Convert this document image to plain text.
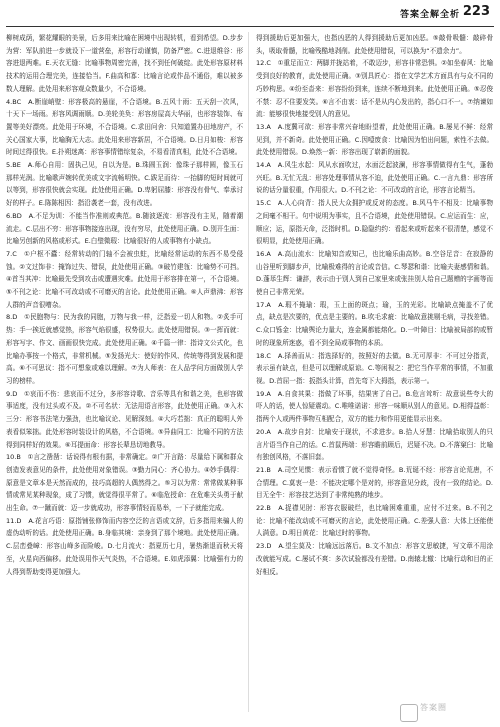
答案全解全析 223

柳树成荫，繁花耀眼的美景，后多用来比喻在困境中出现转机，看到希望。D.步步为营：军队前进一步就设下一道营垒，形容行动谨慎，防备严密。C.进退维谷：形容进退两难。E.天衣无缝：比喻事物周密完善，找不到任何破绽。此处形容原材料技术的运用合理完美，连接恰当。F.曲高和寡：比喻言论或作品不通俗，难以被多数人理解。此处用来形容观众数量少，不合语境。

4.BC　A.断崖峭壁：形容极高的悬崖，不合语境。B.五风十雨：五天刮一次风，十天下一场雨。形容风调雨顺。D.美轮美奂：形容房屋高大华丽，也形容装饰、布置等美好漂亮。此处用于环境，不合语境。C.求田问舍：只知道置办田地房产，不关心国家大事，比喻胸无大志。此处用来形容新居，不合语境。D.日月如梭：形容时间过得很快。E.扑朔迷离：形容事情错综复杂，不易看清真相，此处不合语境。

5.BE　A.师心自用：固执己见，自以为是。B.珠圆玉润：像珠子那样圆，像玉石那样光润。比喻歌声婉转优美或文字流畅明快。C.跋足而待：一抬脚的短时间就可以等到，形容很快就会实现。此处使用正确。D.卑躬屈膝：形容没有骨气、奉承讨好的样子。E.陈陈相因：指沿袭老一套，没有改进。

6.BD　A.不足为训：不能当作准则或典范。B.随波逐流：形容没有主见，随着潮流走。C.层出不穷：形容事物接连出现，没有穷尽，此处使用正确。D.别开生面：比喻另创新的风格或形式。E.白璧微瑕：比喻很好的人或事物有小缺点。

7.C　①户枢不蠹：经常转动的门轴不会被虫蛀，比喻经常运动的东西不易受侵蚀。②文过饰非：掩饰过失、错误，此处使用正确。③破竹建瓴：比喻势不可挡。④首当其冲：比喻最先受到攻击或遭遇灾难。此处用于形容排在第一，不合语境。⑤不刊之论：比喻不可改动或不可磨灭的言论。此处使用正确。⑥人声鼎沸：形容人群的声音很嘈杂。

8.D　①民胞物与：民为我的同胞，万物与我一样，泛指爱一切人和物。②炙手可热：手一挨近就感觉热，形容气焰很盛，权势很大。此处使用错误。③一挥而就：形容写字、作文、画画很快完成。此处使用正确。④千篇一律：指诗文公式化，也比喻办事按一个格式，非常机械。⑤发扬光大：使好的作风、传统等得到发展和提高。⑥不可思议：指不可想象或难以理解。⑦为人师表：在人品学问方面做别人学习的榜样。

9.D　①哀而不伤：悲哀而不过分，多形容诗歌、音乐等具有和谐之美，也形容做事适度，没有过头或不及。②不可名状：无法用语言形容，此处使用正确。③入木三分：形容书法笔力强劲，也比喻议论、见解深刻。④大巧若拙：真正的聪明人外表看似笨拙。此处形容时装设计的风格，不合语境。⑤异曲同工：比喻不同的方法得到同样好的效果。⑥耳提面命：形容长辈恳切地教导。

10.B　①言之凿凿：话说得有根有据，非常确定。②广开言路：尽量给下属和群众创造发表意见的条件，此处使用对象错误。③勤力同心：齐心协力。④妙手偶得：原意是文章本是天然而成的，技巧高超的人偶然得之。⑤习以为常：常常做某种事情或常见某种现象，成了习惯，就觉得很平常了。⑥临危授命：在危难关头勇于献出生命。⑦一蹴而就：迈一步就成功，形容事情轻而易举，一下子就能完成。

11.D　A.花言巧语：原指铺张修饰而内容空泛的言语或文辞，后多指用来骗人的虚伪动听的话。此处使用正确。B.身临其境：亲身到了那个境地。此处使用正确。C.层峦叠嶂：形容山峰多而险峻。D.七月流火：指夏历七月，暑热渐退而秋天将至，火星向西偏移。此处误用作天气炎热，不合语境。E.如虎添翼：比喻强有力的人得到帮助变得更加强大。

得到援助后更加强大，也指凶恶的人得到援助后更加凶恶。⑤敲骨吸髓：敲碎骨头，吸取骨髓，比喻残酷地剥削。此处使用错误，可以换为“不遗余力”。

12.C　①重足而立：两脚并拢站着，不敢迈步，形容非常恐惧。②如坐春风：比喻受到良好的教育，此处使用正确。③别具匠心：指在文学艺术方面具有与众不同的巧妙构思。④纷至沓来：形容纷纷到来，连续不断地到来。此处使用正确。⑤忍俊不禁：忍不住要发笑。⑥言不由衷：话不是从内心发出的，指心口不一。⑦纳谏如流：能够很快地接受别人的意见。

13.A　A.度冀可欲：形容非常兴奋地盼望着，此处使用正确。B.屡见不鲜：经常见到，并不新奇。此处使用正确。C.因噎废食：比喻因为怕出问题，索性不去做。此处使用错误。D.焕然一新：形容出现了崭新的面貌。

14.A　A.风生水起：风从水面吹过，水面泛起波澜，形容事情做得有生气，蓬勃兴旺。B.无忙无乱：形容处理事情从容不迫，此处使用正确。C.一言九鼎：形容所说的话分量很重，作用很大。D.不刊之论：不可改动的言论，形容言论精当。

15.C　A.人心向背：指人民大众拥护或反对的态度。B.风马牛不相及：比喻事物之间毫不相干。句中说明为事实，且不合语境，此处使用错误。C.应运而生：应，顺应；运，原指天命，泛指时机。D.隐隐约约：看起来或听起来不很清楚，感觉不很明显，此处使用正确。

16.A　A.高山流水：比喻知音或知己，也比喻乐曲高妙。B.空谷足音：在寂静的山谷里听到脚步声，比喻极难得的言论或音信。C.琴瑟和谐：比喻夫妻感情和谐。D.蓬荜生辉：谦辞，表示由于别人到自己家里来或张挂别人给自己题赠的字画等而使自己非常光荣。

17.A　A.瑕不掩瑜：瑕，玉上面的斑点；瑜，玉的光彩。比喻缺点掩盖不了优点，缺点是次要的，优点是主要的。B.吹毛求疵：比喻故意挑剔毛病，寻找差错。C.众口铄金：比喻舆论力量大，连金属都能熔化。D.一叶障目：比喻被局部的或暂时的现象所迷惑，看不到全局或事物的本质。

18.C　A.择善而从：指选择好的，按照好的去做。B.无可厚非：不可过分指责，表示虽有缺点，但是可以理解或原谅。C.等闲视之：把它当作平常的事情，不加重视。D.首屈一指：扳指头计算，首先弯下大拇指，表示第一。

19.A　A.自食其果：指做了坏事，结果害了自己。B.危言耸听：故意说些夸大的吓人的话，使人惊疑震动。C.唯唯诺诺：形容一味顺从别人的意见。D.相得益彰：指两个人或两件事物互相配合，双方的能力和作用更能显示出来。

20.A　A.故步自封：比喻安于现状，不求进步。B.拾人牙慧：比喻拾取别人的只言片语当作自己的话。C.首鼠两端：形容瞻前顾后，迟疑不决。D.不落窠臼：比喻有独创风格，不落旧套。

21.B　A.司空见惯：表示看惯了就不觉得奇怪。B.荒诞不经：形容言论荒唐，不合情理。C.莫衷一是：不能决定哪个是对的，形容意见分歧，没有一致的结论。D.目无全牛：形容技艺达到了非常纯熟的地步。

22.B　A.捉襟见肘：形容衣服破烂，也比喻困难重重，应付不过来。B.不刊之论：比喻不能改动或不可磨灭的言论，此处使用正确。C.差强人意：大体上还能使人满意。D.明日黄花：比喻过时的事物。

23.D　A.望尘莫及：比喻远远落后。B.文不加点：形容文思敏捷，写文章不用涂改就能写成。C.屡试不爽：多次试验都没有差错。D.南辕北辙：比喻行动和目的正好相反。

答案圈
